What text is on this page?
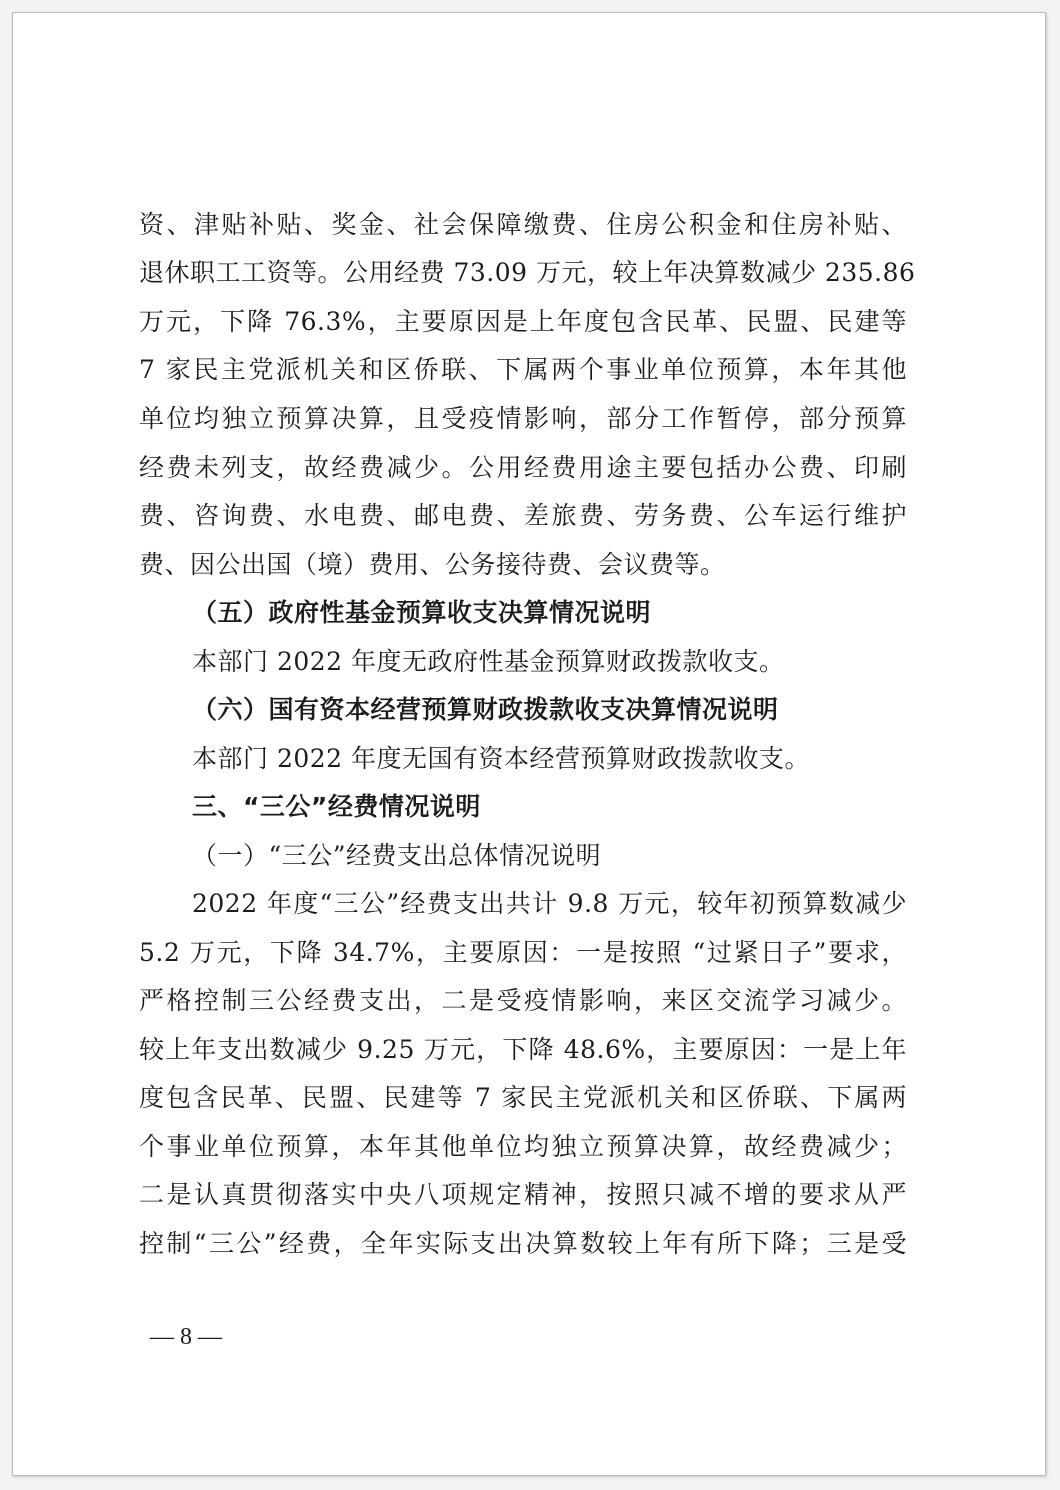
资、津贴补贴、奖金、社会保障缴费、住房公积金和住房补贴、
退休职工工资等。公用经费 73.09 万元，较上年决算数减少 235.86
万元，下降 76.3%，主要原因是上年度包含民革、民盟、民建等
7 家民主党派机关和区侨联、下属两个事业单位预算，本年其他
单位均独立预算决算，且受疫情影响，部分工作暂停，部分预算
经费未列支，故经费减少。公用经费用途主要包括办公费、印刷
费、咨询费、水电费、邮电费、差旅费、劳务费、公车运行维护
费、因公出国（境）费用、公务接待费、会议费等。
（五）政府性基金预算收支决算情况说明
本部门 2022 年度无政府性基金预算财政拨款收支。
（六）国有资本经营预算财政拨款收支决算情况说明
本部门 2022 年度无国有资本经营预算财政拨款收支。
三、“三公”经费情况说明
（一）“三公”经费支出总体情况说明
2022 年度“三公”经费支出共计 9.8 万元，较年初预算数减少
5.2 万元，下降 34.7%，主要原因：一是按照 “过紧日子”要求，
严格控制三公经费支出，二是受疫情影响，来区交流学习减少。
较上年支出数减少 9.25 万元，下降 48.6%，主要原因：一是上年
度包含民革、民盟、民建等 7 家民主党派机关和区侨联、下属两
个事业单位预算，本年其他单位均独立预算决算，故经费减少；
二是认真贯彻落实中央八项规定精神，按照只减不增的要求从严
控制“三公”经费，全年实际支出决算数较上年有所下降；三是受
— 8 —
